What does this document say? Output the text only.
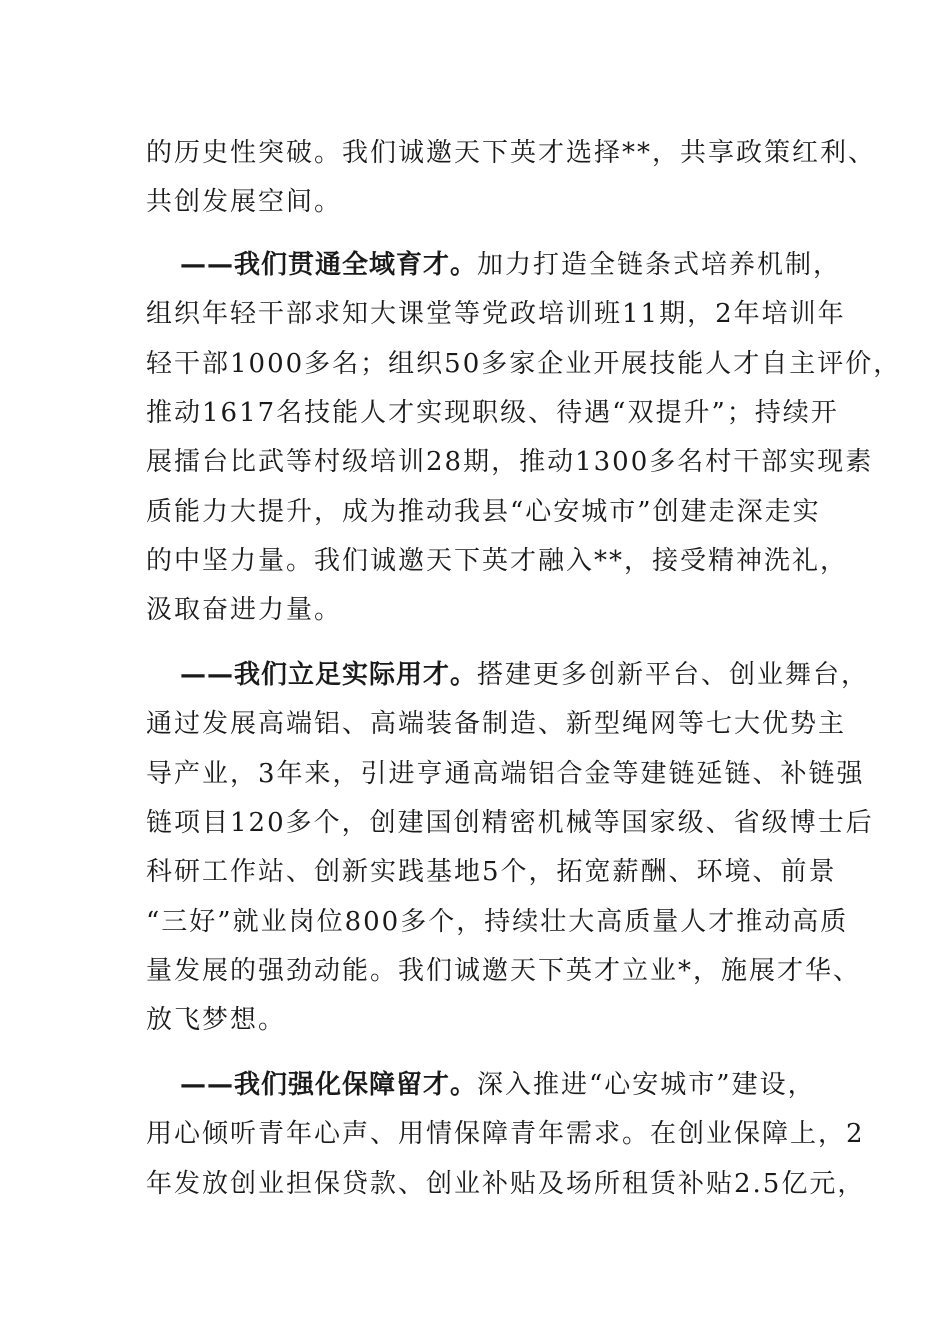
的历史性突破。我们诚邀天下英才选择**，共享政策红利、
共创发展空间。
——我们贯通全域育才。加力打造全链条式培养机制，
组织年轻干部求知大课堂等党政培训班11期，2年培训年
轻干部1000多名；组织50多家企业开展技能人才自主评价，
推动1617名技能人才实现职级、待遇“双提升”；持续开
展擂台比武等村级培训28期，推动1300多名村干部实现素
质能力大提升，成为推动我县“心安城市”创建走深走实
的中坚力量。我们诚邀天下英才融入**，接受精神洗礼，
汲取奋进力量。
——我们立足实际用才。搭建更多创新平台、创业舞台，
通过发展高端铝、高端装备制造、新型绳网等七大优势主
导产业，3年来，引进亨通高端铝合金等建链延链、补链强
链项目120多个，创建国创精密机械等国家级、省级博士后
科研工作站、创新实践基地5个，拓宽薪酬、环境、前景
“三好”就业岗位800多个，持续壮大高质量人才推动高质
量发展的强劲动能。我们诚邀天下英才立业*，施展才华、
放飞梦想。
——我们强化保障留才。深入推进“心安城市”建设，
用心倾听青年心声、用情保障青年需求。在创业保障上，2
年发放创业担保贷款、创业补贴及场所租赁补贴2.5亿元，
